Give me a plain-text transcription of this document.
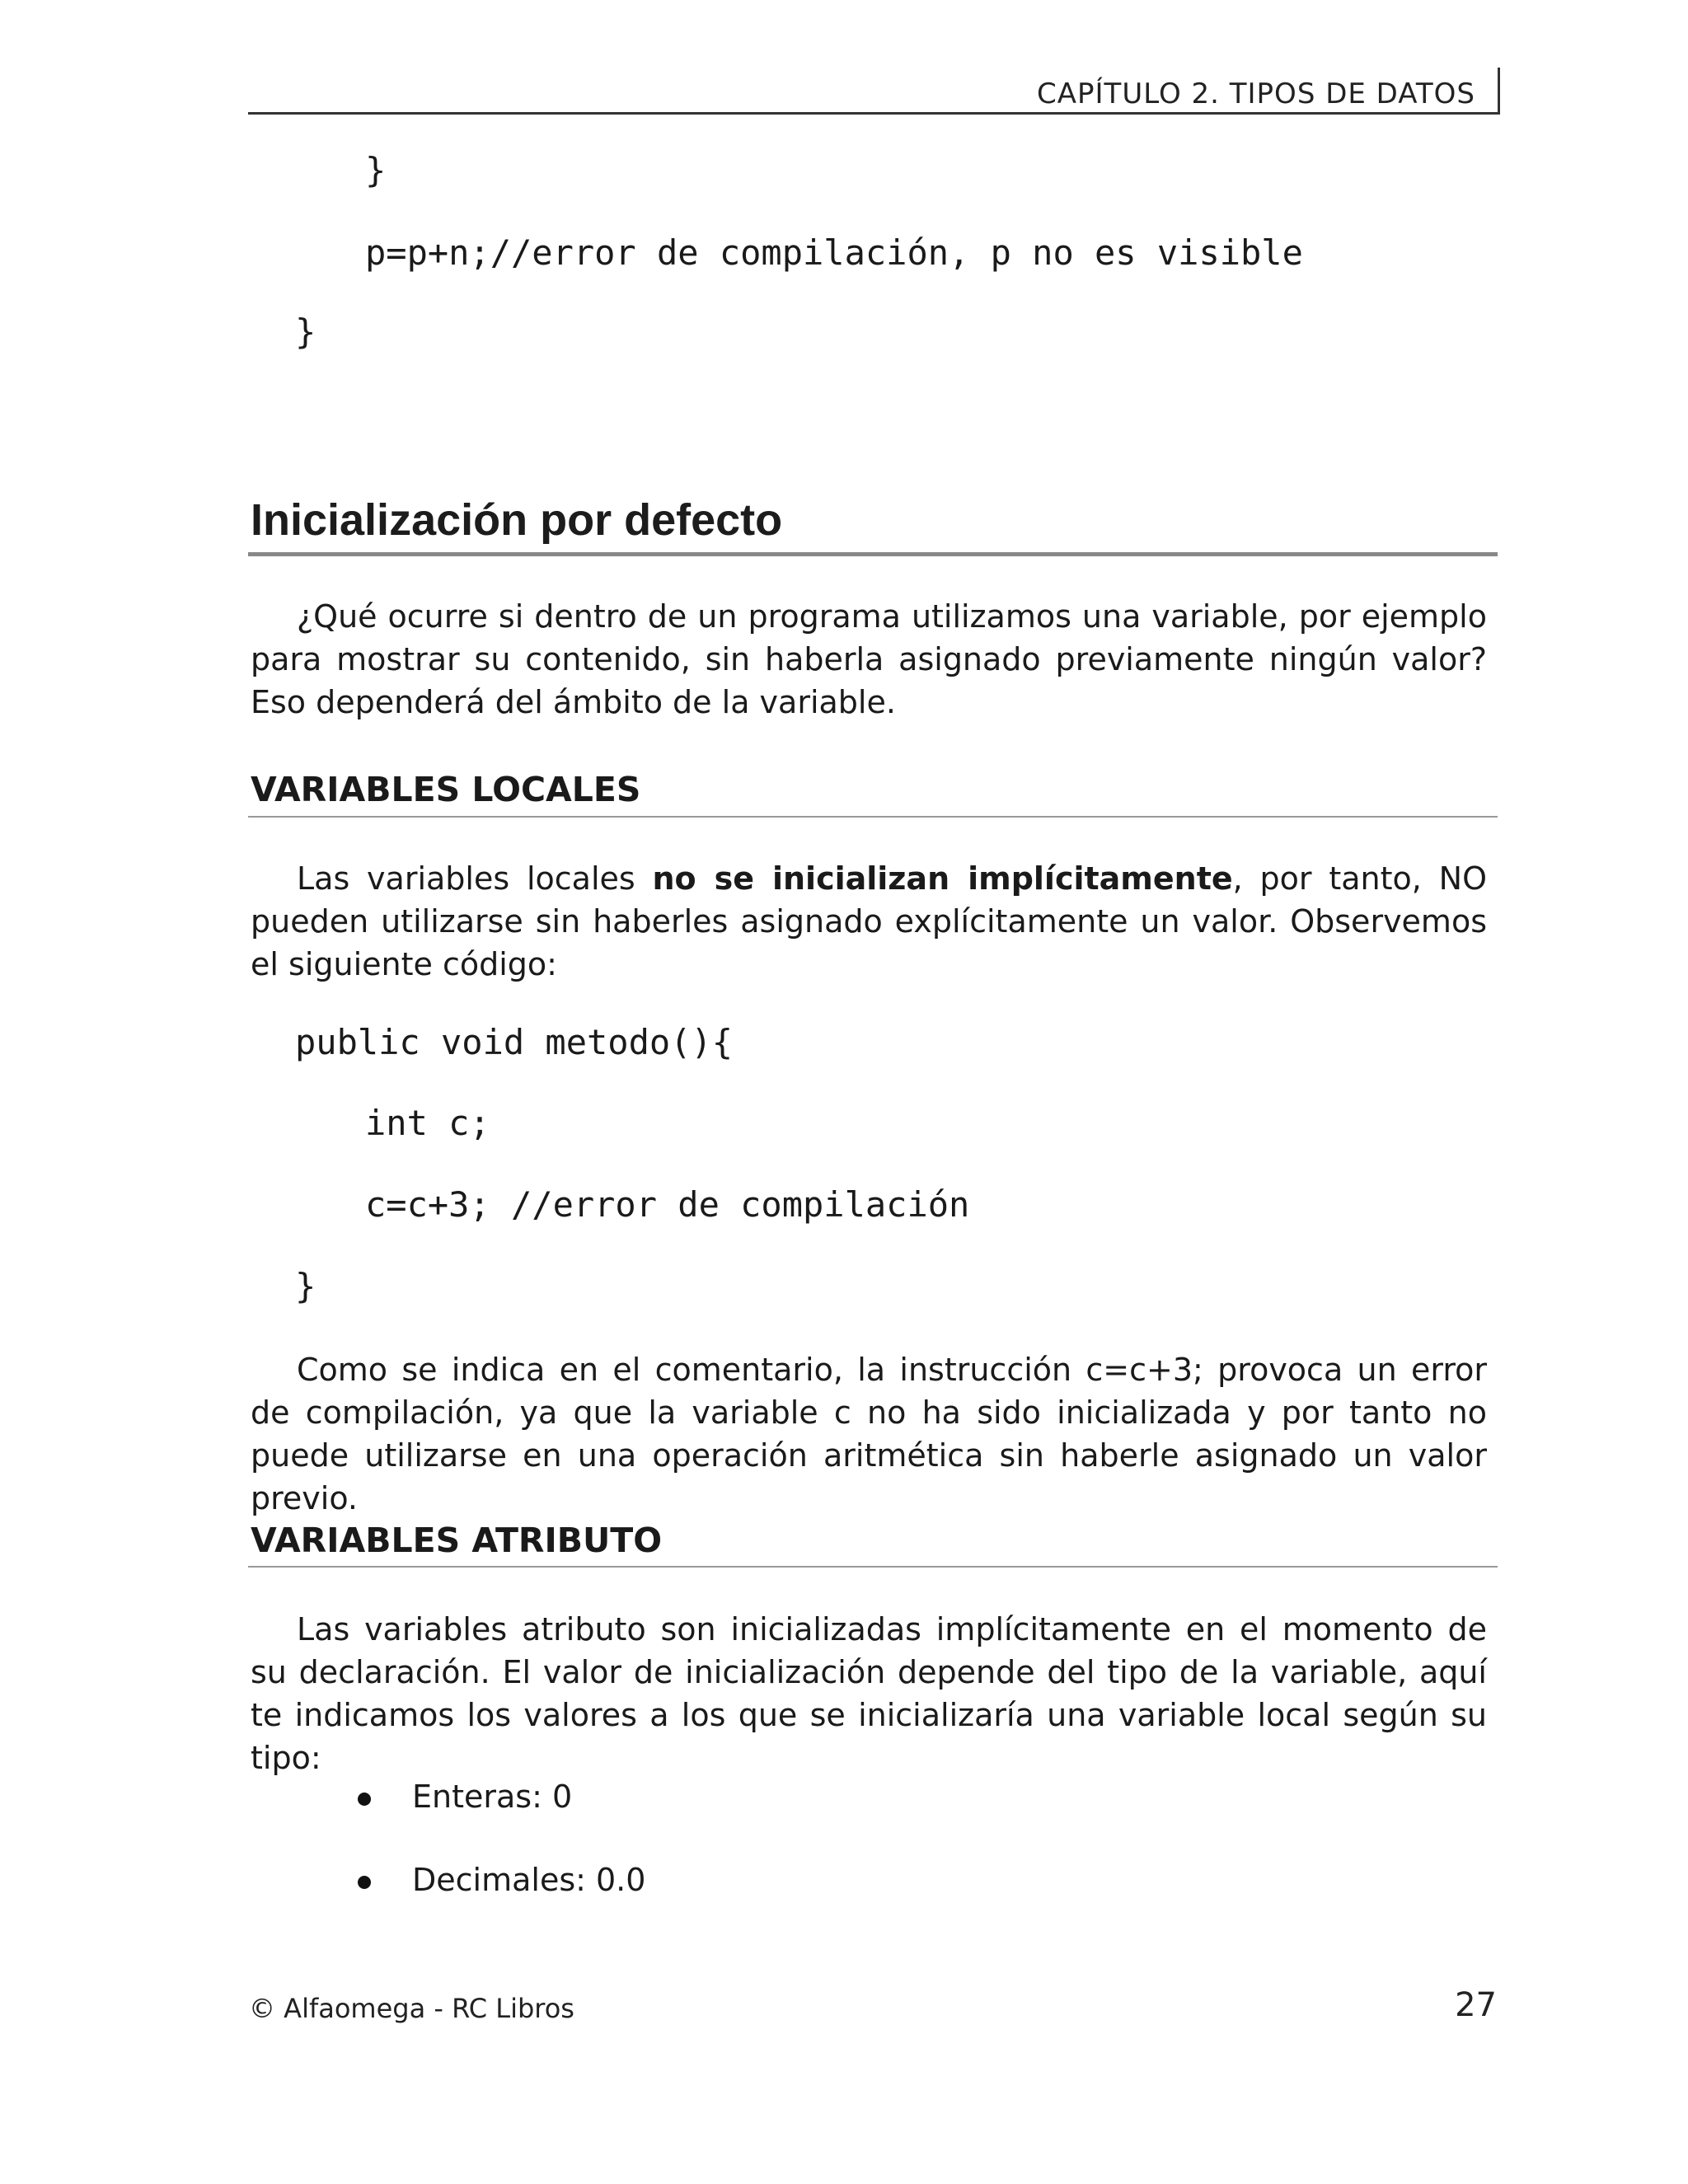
CAPÍTULO 2. TIPOS DE DATOS
}
p=p+n;//error de compilación, p no es visible
}
Inicialización por defecto
¿Qué ocurre si dentro de un programa utilizamos una variable, por ejemplo para mostrar su contenido, sin haberla asignado previamente ningún valor? Eso dependerá del ámbito de la variable.
VARIABLES LOCALES
Las variables locales no se inicializan implícitamente, por tanto, NO pueden utilizarse sin haberles asignado explícitamente un valor. Observemos el siguiente código:
public void metodo(){
int c;
c=c+3; //error de compilación
}
Como se indica en el comentario, la instrucción c=c+3; provoca un error de compilación, ya que la variable c no ha sido inicializada y por tanto no puede utilizarse en una operación aritmética sin haberle asignado un valor previo.
VARIABLES ATRIBUTO
Las variables atributo son inicializadas implícitamente en el momento de su declaración. El valor de inicialización depende del tipo de la variable, aquí te indicamos los valores a los que se inicializaría una variable local según su tipo:
Enteras: 0
Decimales: 0.0
© Alfaomega - RC Libros	27
